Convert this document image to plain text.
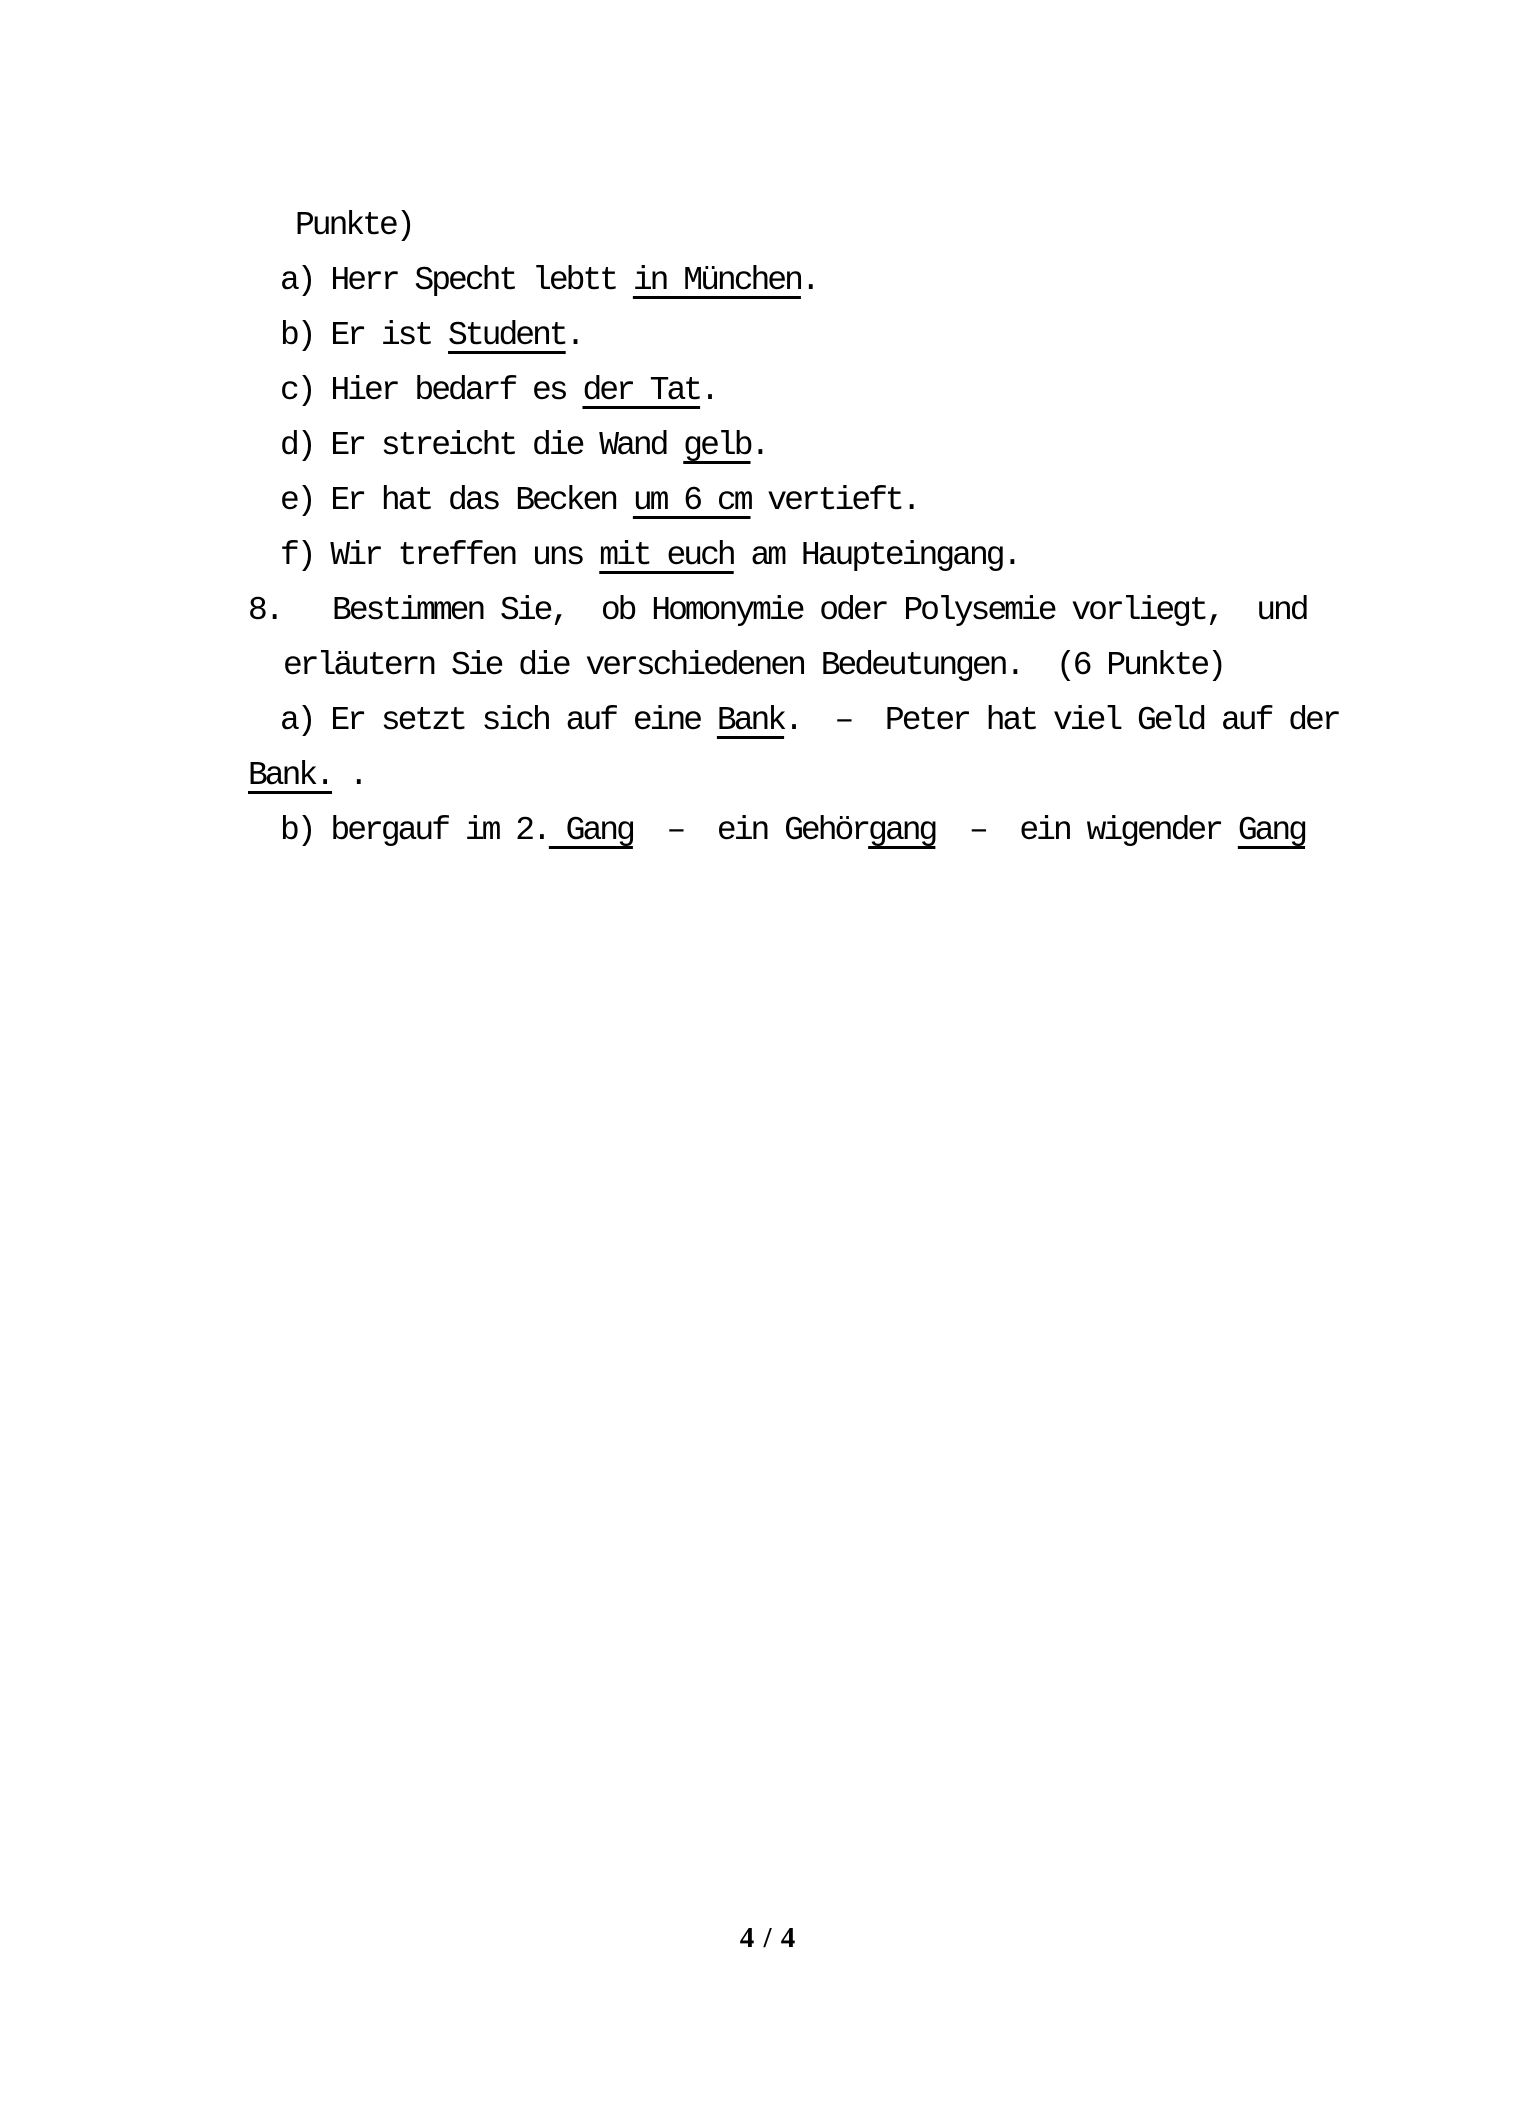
Punkte)
a) Herr Specht lebtt in München.
b) Er ist Student.
c) Hier bedarf es der Tat.
d) Er streicht die Wand gelb.
e) Er hat das Becken um 6 cm vertieft.
f) Wir treffen uns mit euch am Haupteingang.
8.   Bestimmen Sie,  ob Homonymie oder Polysemie vorliegt,  und
erläutern Sie die verschiedenen Bedeutungen.  (6 Punkte)
a) Er setzt sich auf eine Bank.  –  Peter hat viel Geld auf der
Bank. .
b) bergauf im 2. Gang  –  ein Gehörgang  –  ein wigender Gang
4 / 4
